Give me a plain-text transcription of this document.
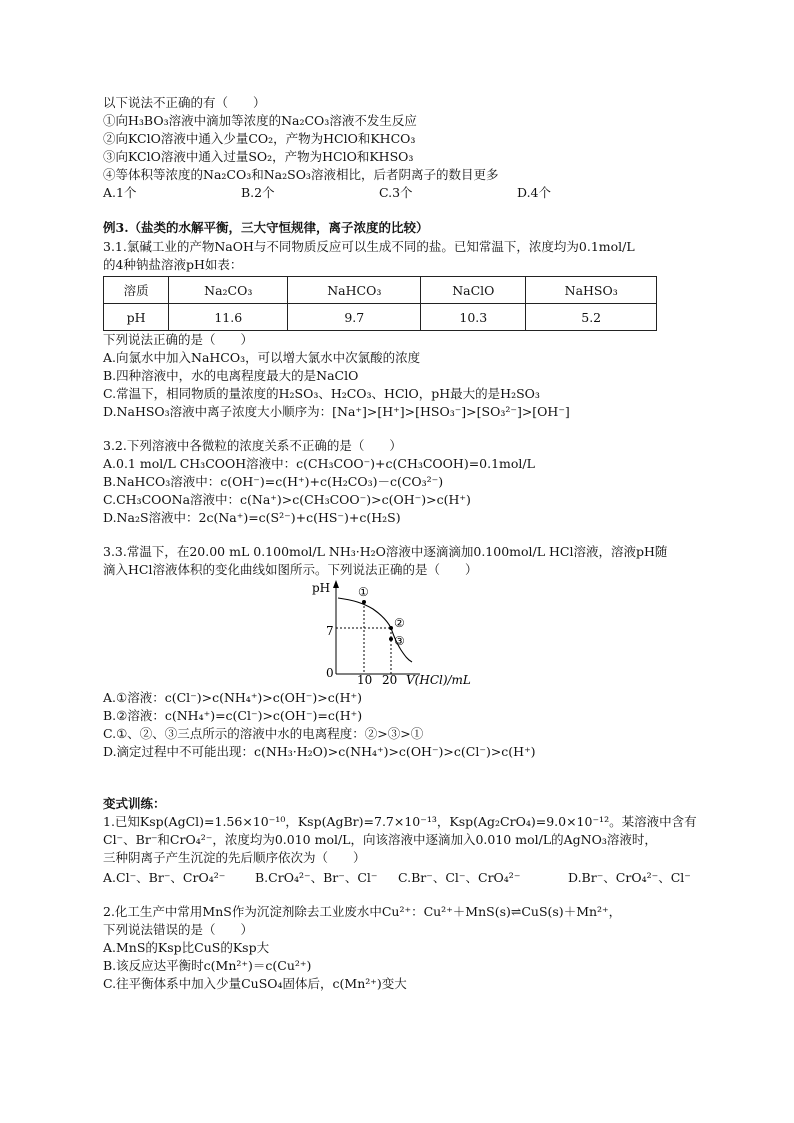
以下说法不正确的有（　　）
①向H₃BO₃溶液中滴加等浓度的Na₂CO₃溶液不发生反应
②向KClO溶液中通入少量CO₂，产物为HClO和KHCO₃
③向KClO溶液中通入过量SO₂，产物为HClO和KHSO₃
④等体积等浓度的Na₂CO₃和Na₂SO₃溶液相比，后者阴离子的数目更多
A.1个	B.2个	C.3个	D.4个
例3.（盐类的水解平衡，三大守恒规律，离子浓度的比较）
3.1.氯碱工业的产物NaOH与不同物质反应可以生成不同的盐。已知常温下，浓度均为0.1mol/L
的4种钠盐溶液pH如表：
溶质	Na₂CO₃	NaHCO₃	NaClO	NaHSO₃
pH	11.6	9.7	10.3	5.2
下列说法正确的是（　　）
A.向氯水中加入NaHCO₃，可以增大氯水中次氯酸的浓度
B.四种溶液中，水的电离程度最大的是NaClO
C.常温下，相同物质的量浓度的H₂SO₃、H₂CO₃、HClO，pH最大的是H₂SO₃
D.NaHSO₃溶液中离子浓度大小顺序为：[Na⁺]>[H⁺]>[HSO₃⁻]>[SO₃²⁻]>[OH⁻]
3.2.下列溶液中各微粒的浓度关系不正确的是（　　）
A.0.1 mol/L CH₃COOH溶液中：c(CH₃COO⁻)+c(CH₃COOH)=0.1mol/L
B.NaHCO₃溶液中：c(OH⁻)=c(H⁺)+c(H₂CO₃)－c(CO₃²⁻)
C.CH₃COONa溶液中：c(Na⁺)>c(CH₃COO⁻)>c(OH⁻)>c(H⁺)
D.Na₂S溶液中：2c(Na⁺)=c(S²⁻)+c(HS⁻)+c(H₂S)
3.3.常温下，在20.00 mL 0.100mol/L NH₃·H₂O溶液中逐滴滴加0.100mol/L HCl溶液，溶液pH随
滴入HCl溶液体积的变化曲线如图所示。下列说法正确的是（　　）
pH
0 10 20
7
V(HCl)/mL
①
②
③
A.①溶液：c(Cl⁻)>c(NH₄⁺)>c(OH⁻)>c(H⁺)
B.②溶液：c(NH₄⁺)=c(Cl⁻)>c(OH⁻)=c(H⁺)
C.①、②、③三点所示的溶液中水的电离程度：②>③>①
D.滴定过程中不可能出现：c(NH₃·H₂O)>c(NH₄⁺)>c(OH⁻)>c(Cl⁻)>c(H⁺)
变式训练：
1.已知Ksp(AgCl)=1.56×10⁻¹⁰，Ksp(AgBr)=7.7×10⁻¹³，Ksp(Ag₂CrO₄)=9.0×10⁻¹²。某溶液中含有
Cl⁻、Br⁻和CrO₄²⁻，浓度均为0.010 mol/L，向该溶液中逐滴加入0.010 mol/L的AgNO₃溶液时，
三种阴离子产生沉淀的先后顺序依次为（　　）
A.Cl⁻、Br⁻、CrO₄²⁻ B.CrO₄²⁻、Br⁻、Cl⁻ C.Br⁻、Cl⁻、CrO₄²⁻	D.Br⁻、CrO₄²⁻、Cl⁻
2.化工生产中常用MnS作为沉淀剂除去工业废水中Cu²⁺：Cu²⁺＋MnS(s)⇌CuS(s)＋Mn²⁺，
下列说法错误的是（　　）
A.MnS的Ksp比CuS的Ksp大
B.该反应达平衡时c(Mn²⁺)＝c(Cu²⁺)
C.往平衡体系中加入少量CuSO₄固体后，c(Mn²⁺)变大
